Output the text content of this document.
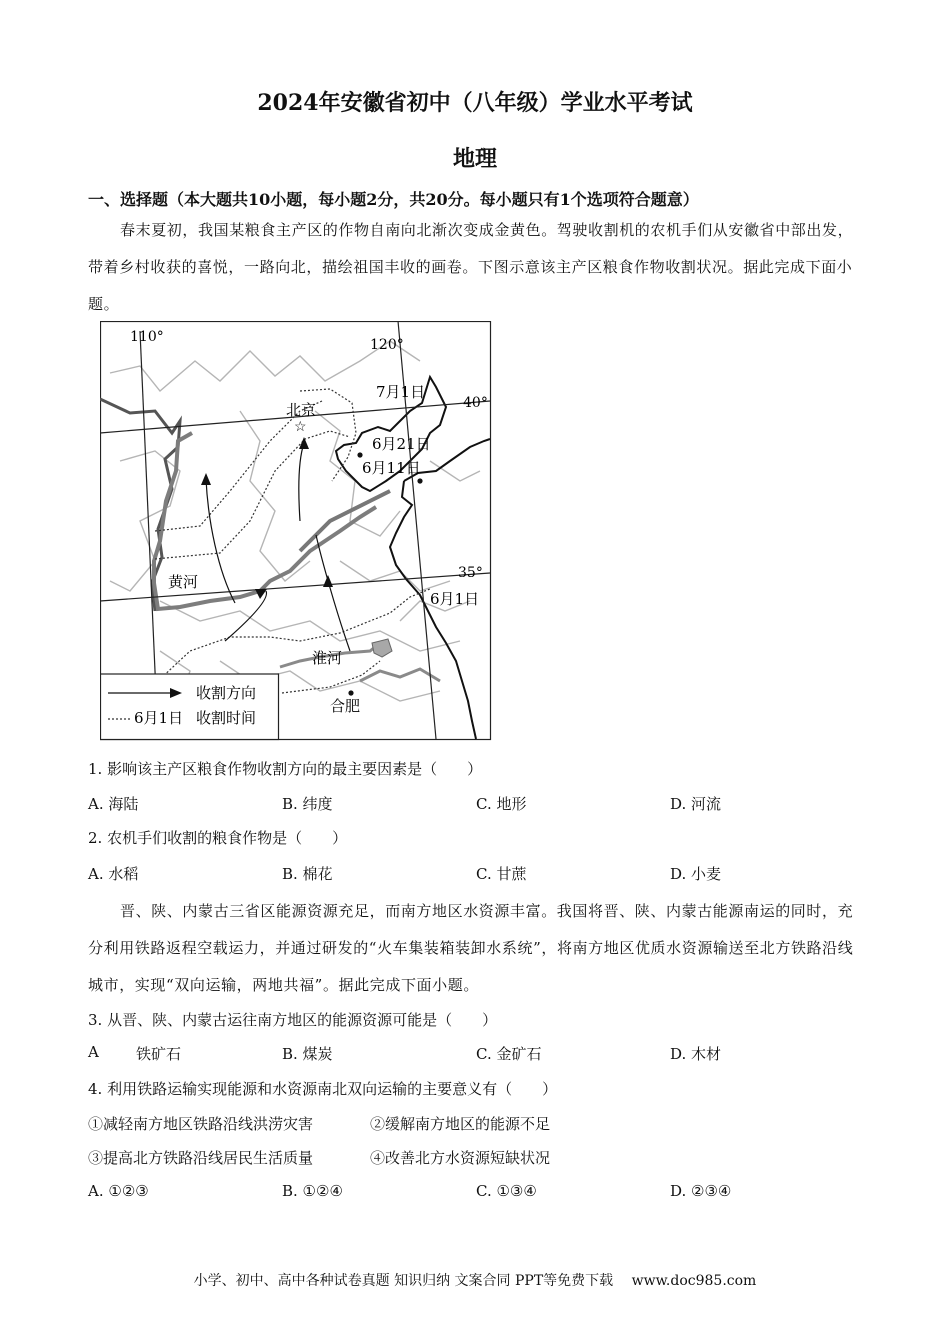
2024年安徽省初中（八年级）学业水平考试
地理
一、选择题（本大题共10小题，每小题2分，共20分。每小题只有1个选项符合题意）
春末夏初，我国某粮食主产区的作物自南向北渐次变成金黄色。驾驶收割机的农机手们从安徽省中部出发，带着乡村收获的喜悦，一路向北，描绘祖国丰收的画卷。下图示意该主产区粮食作物收割状况。据此完成下面小题。
☆
110°	120°
40°
35°
北京
7月1日
6月21日
6月11日
6月1日
黄河
淮河
合肥
收割方向
6月1日 收割时间
1. 影响该主产区粮食作物收割方向的最主要因素是（　　）
A. 海陆	B. 纬度	C. 地形	D. 河流
2. 农机手们收割的粮食作物是（　　）
A. 水稻	B. 棉花	C. 甘蔗	D. 小麦
晋、陕、内蒙古三省区能源资源充足，而南方地区水资源丰富。我国将晋、陕、内蒙古能源南运的同时，充分利用铁路返程空载运力，并通过研发的“火车集装箱装卸水系统”，将南方地区优质水资源输送至北方铁路沿线城市，实现“双向运输，两地共福”。据此完成下面小题。
3. 从晋、陕、内蒙古运往南方地区的能源资源可能是（　　）
A 铁矿石	B. 煤炭	C. 金矿石	D. 木材
4. 利用铁路运输实现能源和水资源南北双向运输的主要意义有（　　）
①减轻南方地区铁路沿线洪涝灾害	②缓解南方地区的能源不足
③提高北方铁路沿线居民生活质量	④改善北方水资源短缺状况
A. ①②③	B. ①②④	C. ①③④	D. ②③④
小学、初中、高中各种试卷真题 知识归纳 文案合同 PPT等免费下载　 www.doc985.com
